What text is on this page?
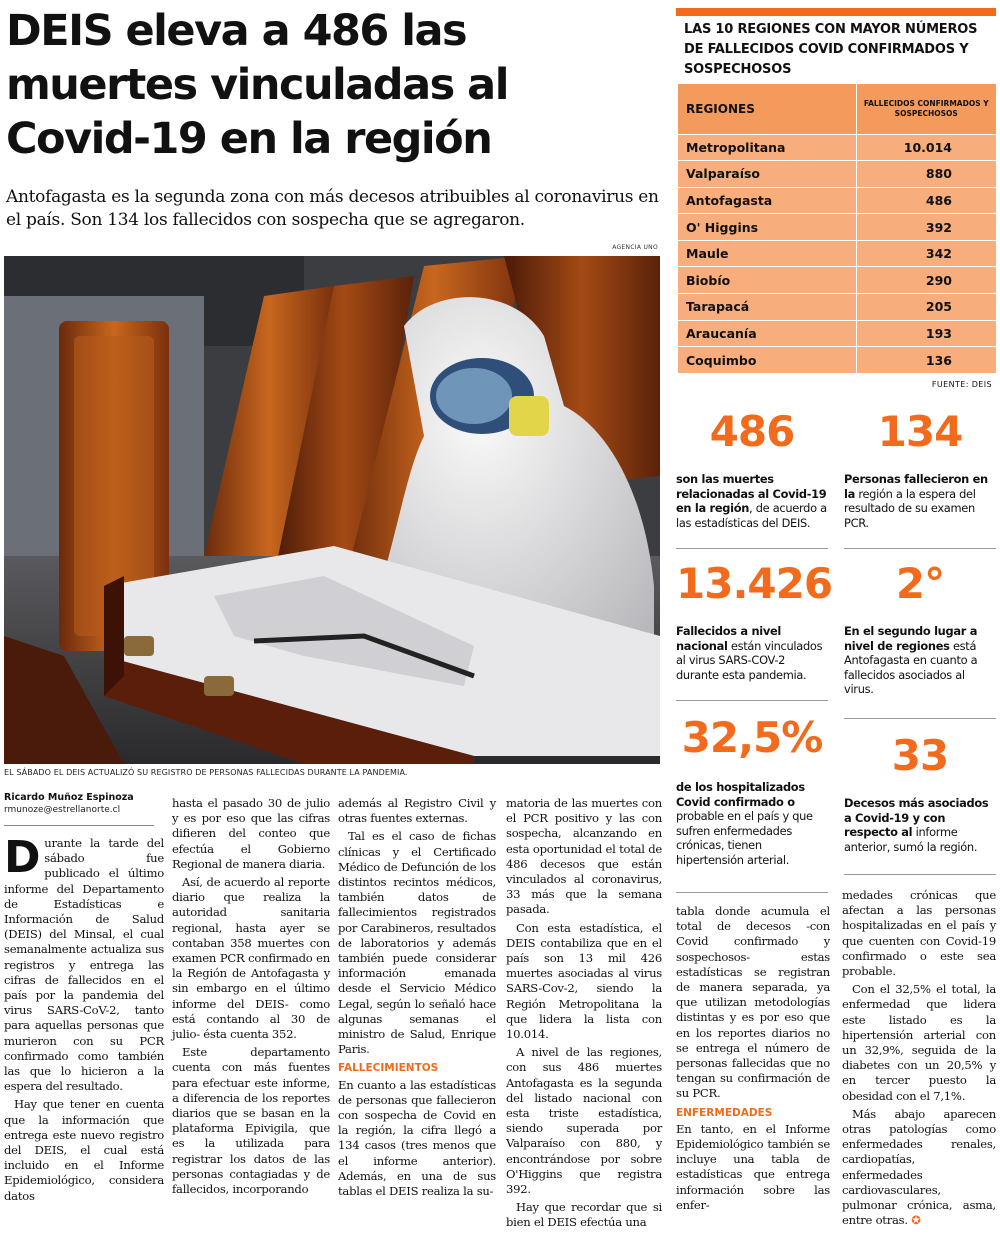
DEIS eleva a 486 las
muertes vinculadas al
Covid-19 en la región
Antofagasta es la segunda zona con más decesos atribuibles al coronavirus en el país. Son 134 los fallecidos con sospecha que se agregaron.
AGENCIA UNO
EL SÁBADO EL DEIS ACTUALIZÓ SU REGISTRO DE PERSONAS FALLECIDAS DURANTE LA PANDEMIA.
Ricardo Muñoz Espinoza
rmunoze@estrellanorte.cl

Durante la tarde del sábado fue publicado el último informe del Departamento de Estadísticas e Información de Salud (DEIS) del Minsal, el cual semanalmente actualiza sus registros y entrega las cifras de fallecidos en el país por la pandemia del virus SARS-CoV-2, tanto para aquellas personas que murieron con su PCR confirmado como también las que lo hicieron a la espera del resultado.

Hay que tener en cuenta que la información que entrega este nuevo registro del DEIS, el cual está incluido en el Informe Epidemiológico, considera datos

hasta el pasado 30 de julio y es por eso que las cifras difieren del conteo que efectúa el Gobierno Regional de manera diaria.

Así, de acuerdo al reporte diario que realiza la autoridad sanitaria regional, hasta ayer se contaban 358 muertes con examen PCR confirmado en la Región de Antofagasta y sin embargo en el último informe del DEIS- como está contando al 30 de julio- ésta cuenta 352.

Este departamento cuenta con más fuentes para efectuar este informe, a diferencia de los reportes diarios que se basan en la plataforma Epivigila, que es la utilizada para registrar los datos de las personas contagiadas y de fallecidos, incorporando

además al Registro Civil y otras fuentes externas.

Tal es el caso de fichas clínicas y el Certificado Médico de Defunción de los distintos recintos médicos, también datos de fallecimientos registrados por Carabineros, resultados de laboratorios y además también puede considerar información emanada desde el Servicio Médico Legal, según lo señaló hace algunas semanas el ministro de Salud, Enrique Paris.

FALLECIMIENTOS

En cuanto a las estadísticas de personas que fallecieron con sospecha de Covid en la región, la cifra llegó a 134 casos (tres menos que el informe anterior). Además, en una de sus tablas el DEIS realiza la su-

matoria de las muertes con el PCR positivo y las con sospecha, alcanzando en esta oportunidad el total de 486 decesos que están vinculados al coronavirus, 33 más que la semana pasada.

Con esta estadística, el DEIS contabiliza que en el país son 13 mil 426 muertes asociadas al virus SARS-Cov-2, siendo la Región Metropolitana la que lidera la lista con 10.014.

A nivel de las regiones, con sus 486 muertes Antofagasta es la segunda del listado nacional con esta triste estadística, siendo superada por Valparaíso con 880, y encontrándose por sobre O'Higgins que registra 392.

Hay que recordar que si bien el DEIS efectúa una

tabla donde acumula el total de decesos -con Covid confirmado y sospechosos- estas estadísticas se registran de manera separada, ya que utilizan metodologías distintas y es por eso que en los reportes diarios no se entrega el número de personas fallecidas que no tengan su confirmación de su PCR.

ENFERMEDADES

En tanto, en el Informe Epidemiológico también se incluye una tabla de estadísticas que entrega información sobre las enfer-

medades crónicas que afectan a las personas hospitalizadas en el país y que cuenten con Covid-19 confirmado o este sea probable.

Con el 32,5% el total, la enfermedad que lidera este listado es la hipertensión arterial con un 32,9%, seguida de la diabetes con un 20,5% y en tercer puesto la obesidad con el 7,1%.

Más abajo aparecen otras patologías como enfermedades renales, cardiopatías, enfermedades cardiovasculares, pulmonar crónica, asma, entre otras. ✪

LAS 10 REGIONES CON MAYOR NÚMEROS DE FALLECIDOS COVID CONFIRMADOS Y SOSPECHOSOS
REGIONES	FALLECIDOS CONFIRMADOS Y SOSPECHOSOS
Metropolitana	10.014
Valparaíso	880
Antofagasta	486
O' Higgins	392
Maule	342
Biobío	290
Tarapacá	205
Araucanía	193
Coquimbo	136
FUENTE: DEIS
486
son las muertes relacionadas al Covid-19 en la región, de acuerdo a las estadísticas del DEIS.
134
Personas fallecieron en la región a la espera del resultado de su examen PCR.
13.426
Fallecidos a nivel nacional están vinculados al virus SARS-COV-2 durante esta pandemia.
2°
En el segundo lugar a nivel de regiones está Antofagasta en cuanto a fallecidos asociados al virus.
32,5%
de los hospitalizados Covid confirmado o probable en el país y que sufren enfermedades crónicas, tienen hipertensión arterial.
33
Decesos más asociados a Covid-19 y con respecto al informe anterior, sumó la región.
